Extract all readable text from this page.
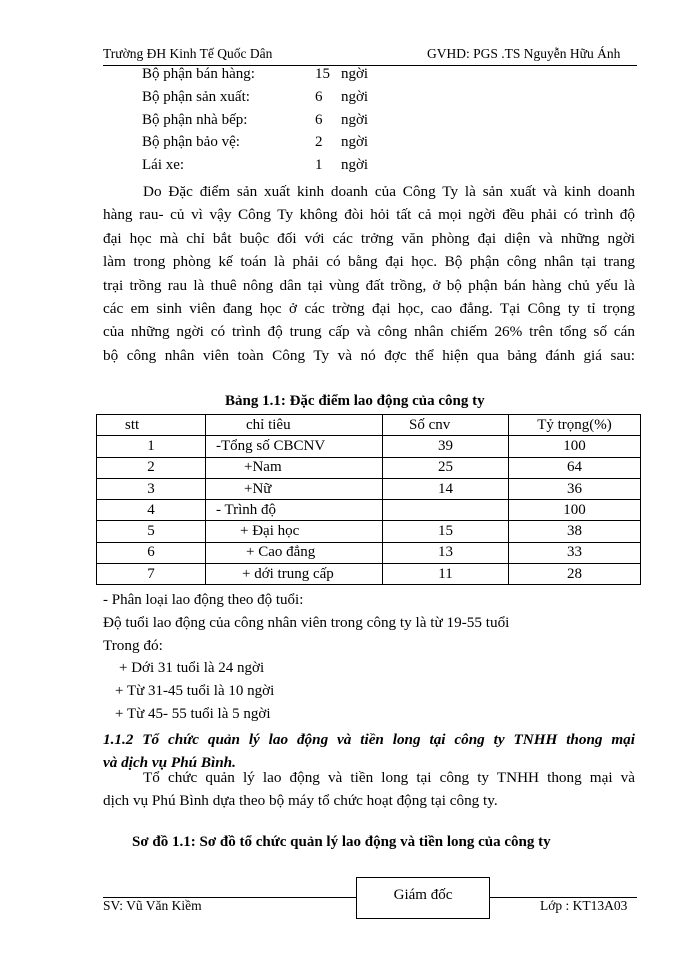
Trường ĐH Kinh Tế Quốc Dân	GVHD: PGS .TS Nguyễn Hữu Ánh
Bộ phận bán hàng:	15 ngời
Bộ phận sản xuất:	6 ngời
Bộ phận nhà bếp:	6 ngời
Bộ phận bảo vệ:	2 ngời
Lái xe:	1 ngời
Do Đặc điểm sản xuất kinh doanh của Công Ty là sản xuất và kinh doanh
hàng rau- củ vì vậy Công Ty không đòi hỏi tất cả mọi ngời đều phải có trình độ
đại học mà chỉ bắt buộc đối với các trởng văn phòng đại diện và những ngời
làm trong phòng kế toán là phải có bằng đại học. Bộ phận công nhân tại trang
trại trồng rau là thuê nông dân tại vùng đất trồng, ở bộ phận bán hàng chủ yếu là
các em sinh viên đang học ở các trờng đại học, cao đẳng. Tại Công ty tỉ trọng
của những ngời có trình độ trung cấp và công nhân chiếm 26% trên tổng số cán
bộ công nhân viên toàn Công Ty và nó đợc thể hiện qua bảng đánh giá sau:
Bảng 1.1: Đặc điểm lao động của công ty
stt	chỉ tiêu	Số cnv	Tỷ trọng(%)
1	-Tổng số CBCNV	39	100
2	+Nam	25	64
3	+Nữ	14	36
4	- Trình độ		100
5	+ Đại học	15	38
6	+ Cao đẳng	13	33
7	+ dới trung cấp	11	28
- Phân loại lao động theo độ tuổi:
Độ tuổi lao động của công nhân viên trong công ty là từ 19-55 tuổi
Trong đó:
+ Dới 31 tuổi là 24 ngời
+ Từ 31-45 tuổi là 10 ngời
+ Từ 45- 55 tuổi là 5 ngời
1.1.2 Tổ chức quản lý lao động và tiền long tại công ty TNHH thong mại
và dịch vụ Phú Bình.
Tổ chức quản lý lao động và tiền long tại công ty TNHH thong mại và
dịch vụ Phú Bình dựa theo bộ máy tổ chức hoạt động tại công ty.
Sơ đồ 1.1: Sơ đồ tổ chức quản lý lao động và tiền long của công ty
SV: Vũ Văn Kiềm	Lớp : KT13A03
Giám đốc
